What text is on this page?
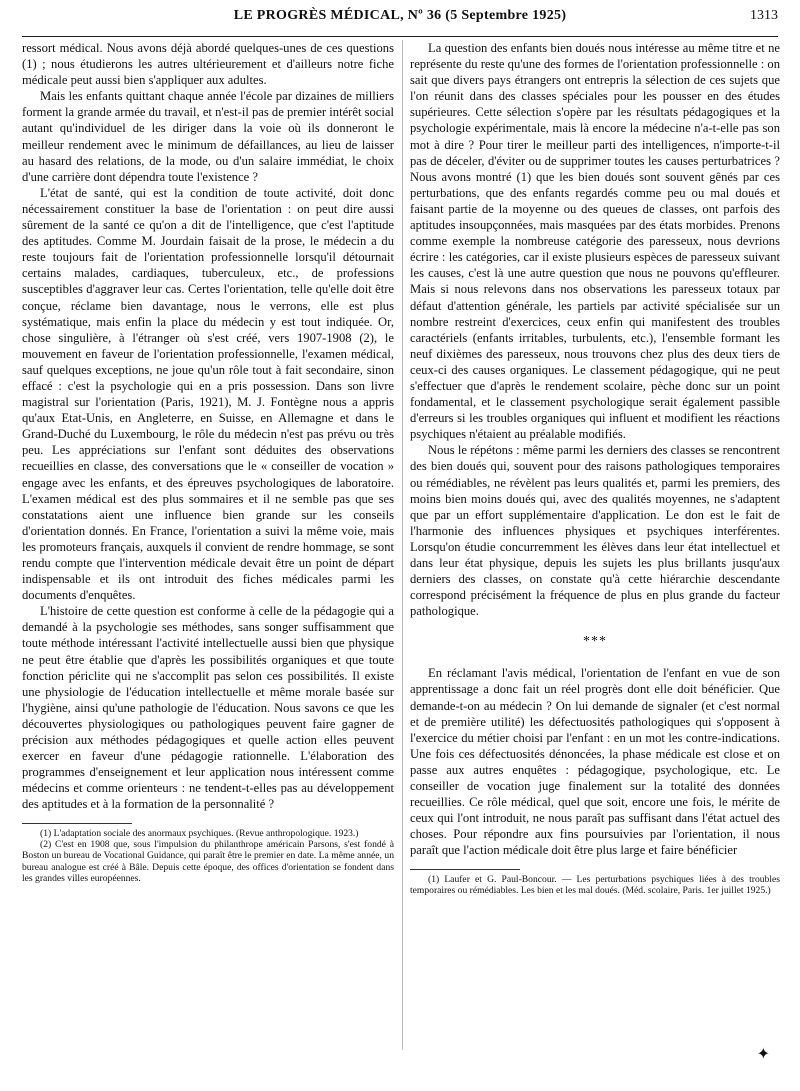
LE PROGRÈS MÉDICAL, Nº 36 (5 Septembre 1925)	1313

ressort médical. Nous avons déjà abordé quelques-unes de ces questions (1) ; nous étudierons les autres ultérieurement et d'ailleurs notre fiche médicale peut aussi bien s'appliquer aux adultes.

Mais les enfants quittant chaque année l'école par dizaines de milliers forment la grande armée du travail, et n'est-il pas de premier intérêt social autant qu'individuel de les diriger dans la voie où ils donneront le meilleur rendement avec le minimum de défaillances, au lieu de laisser au hasard des relations, de la mode, ou d'un salaire immédiat, le choix d'une carrière dont dépendra toute l'existence ?

L'état de santé, qui est la condition de toute activité, doit donc nécessairement constituer la base de l'orientation : on peut dire aussi sûrement de la santé ce qu'on a dit de l'intelligence, que c'est l'aptitude des aptitudes. Comme M. Jourdain faisait de la prose, le médecin a du reste toujours fait de l'orientation professionnelle lorsqu'il détournait certains malades, cardiaques, tuberculeux, etc., de professions susceptibles d'aggraver leur cas. Certes l'orientation, telle qu'elle doit être conçue, réclame bien davantage, nous le verrons, elle est plus systématique, mais enfin la place du médecin y est tout indiquée. Or, chose singulière, à l'étranger où s'est créé, vers 1907-1908 (2), le mouvement en faveur de l'orientation professionnelle, l'examen médical, sauf quelques exceptions, ne joue qu'un rôle tout à fait secondaire, sinon effacé : c'est la psychologie qui en a pris possession. Dans son livre magistral sur l'orientation (Paris, 1921), M. J. Fontègne nous a appris qu'aux Etat-Unis, en Angleterre, en Suisse, en Allemagne et dans le Grand-Duché du Luxembourg, le rôle du médecin n'est pas prévu ou très peu. Les appréciations sur l'enfant sont déduites des observations recueillies en classe, des conversations que le « conseiller de vocation » engage avec les enfants, et des épreuves psychologiques de laboratoire. L'examen médical est des plus sommaires et il ne semble pas que ses constatations aient une influence bien grande sur les conseils d'orientation donnés. En France, l'orientation a suivi la même voie, mais les promoteurs français, auxquels il convient de rendre hommage, se sont rendu compte que l'intervention médicale devait être un point de départ indispensable et ils ont introduit des fiches médicales parmi les documents d'enquêtes.

L'histoire de cette question est conforme à celle de la pédagogie qui a demandé à la psychologie ses méthodes, sans songer suffisamment que toute méthode intéressant l'activité intellectuelle aussi bien que physique ne peut être établie que d'après les possibilités organiques et que toute fonction périclite qui ne s'accomplit pas selon ces possibilités. Il existe une physiologie de l'éducation intellectuelle et même morale basée sur l'hygiène, ainsi qu'une pathologie de l'éducation. Nous savons ce que les découvertes physiologiques ou pathologiques peuvent faire gagner de précision aux méthodes pédagogiques et quelle action elles peuvent exercer en faveur d'une pédagogie rationnelle. L'élaboration des programmes d'enseignement et leur application nous intéressent comme médecins et comme orienteurs : ne tendent-t-elles pas au développement des aptitudes et à la formation de la personnalité ?

(1) L'adaptation sociale des anormaux psychiques. (Revue anthropologique. 1923.)

(2) C'est en 1908 que, sous l'impulsion du philanthrope américain Parsons, s'est fondé à Boston un bureau de Vocational Guidance, qui paraît être le premier en date. La même année, un bureau analogue est créé à Bâle. Depuis cette époque, des offices d'orientation se fondent dans les grandes villes européennes.

La question des enfants bien doués nous intéresse au même titre et ne représente du reste qu'une des formes de l'orientation professionnelle : on sait que divers pays étrangers ont entrepris la sélection de ces sujets que l'on réunit dans des classes spéciales pour les pousser en des études supérieures. Cette sélection s'opère par les résultats pédagogiques et la psychologie expérimentale, mais là encore la médecine n'a-t-elle pas son mot à dire ? Pour tirer le meilleur parti des intelligences, n'importe-t-il pas de déceler, d'éviter ou de supprimer toutes les causes perturbatrices ? Nous avons montré (1) que les bien doués sont souvent gênés par ces perturbations, que des enfants regardés comme peu ou mal doués et faisant partie de la moyenne ou des queues de classes, ont parfois des aptitudes insoupçonnées, mais masquées par des états morbides. Prenons comme exemple la nombreuse catégorie des paresseux, nous devrions écrire : les catégories, car il existe plusieurs espèces de paresseux suivant les causes, c'est là une autre question que nous ne pouvons qu'effleurer. Mais si nous relevons dans nos observations les paresseux totaux par défaut d'attention générale, les partiels par activité spécialisée sur un nombre restreint d'exercices, ceux enfin qui manifestent des troubles caractériels (enfants irritables, turbulents, etc.), l'ensemble formant les neuf dixièmes des paresseux, nous trouvons chez plus des deux tiers de ceux-ci des causes organiques. Le classement pédagogique, qui ne peut s'effectuer que d'après le rendement scolaire, pèche donc sur un point fondamental, et le classement psychologique serait également passible d'erreurs si les troubles organiques qui influent et modifient les réactions psychiques n'étaient au préalable modifiés.

Nous le répétons : même parmi les derniers des classes se rencontrent des bien doués qui, souvent pour des raisons pathologiques temporaires ou rémédiables, ne révèlent pas leurs qualités et, parmi les premiers, des moins bien moins doués qui, avec des qualités moyennes, ne s'adaptent que par un effort supplémentaire d'application. Le don est le fait de l'harmonie des influences physiques et psychiques interférentes. Lorsqu'on étudie concurremment les élèves dans leur état intellectuel et dans leur état physique, depuis les sujets les plus brillants jusqu'aux derniers des classes, on constate qu'à cette hiérarchie descendante correspond précisément la fréquence de plus en plus grande du facteur pathologique.

***

En réclamant l'avis médical, l'orientation de l'enfant en vue de son apprentissage a donc fait un réel progrès dont elle doit bénéficier. Que demande-t-on au médecin ? On lui demande de signaler (et c'est normal et de première utilité) les défectuosités pathologiques qui s'opposent à l'exercice du métier choisi par l'enfant : en un mot les contre-indications. Une fois ces défectuosités dénoncées, la phase médicale est close et on passe aux autres enquêtes : pédagogique, psychologique, etc. Le conseiller de vocation juge finalement sur la totalité des données recueillies. Ce rôle médical, quel que soit, encore une fois, le mérite de ceux qui l'ont introduit, ne nous paraît pas suffisant dans l'état actuel des choses. Pour répondre aux fins poursuivies par l'orientation, il nous paraît que l'action médicale doit être plus large et faire bénéficier

(1) Laufer et G. Paul-Boncour. — Les perturbations psychiques liées à des troubles temporaires ou rémédiables. Les bien et les mal doués. (Méd. scolaire, Paris. 1er juillet 1925.)

✦
